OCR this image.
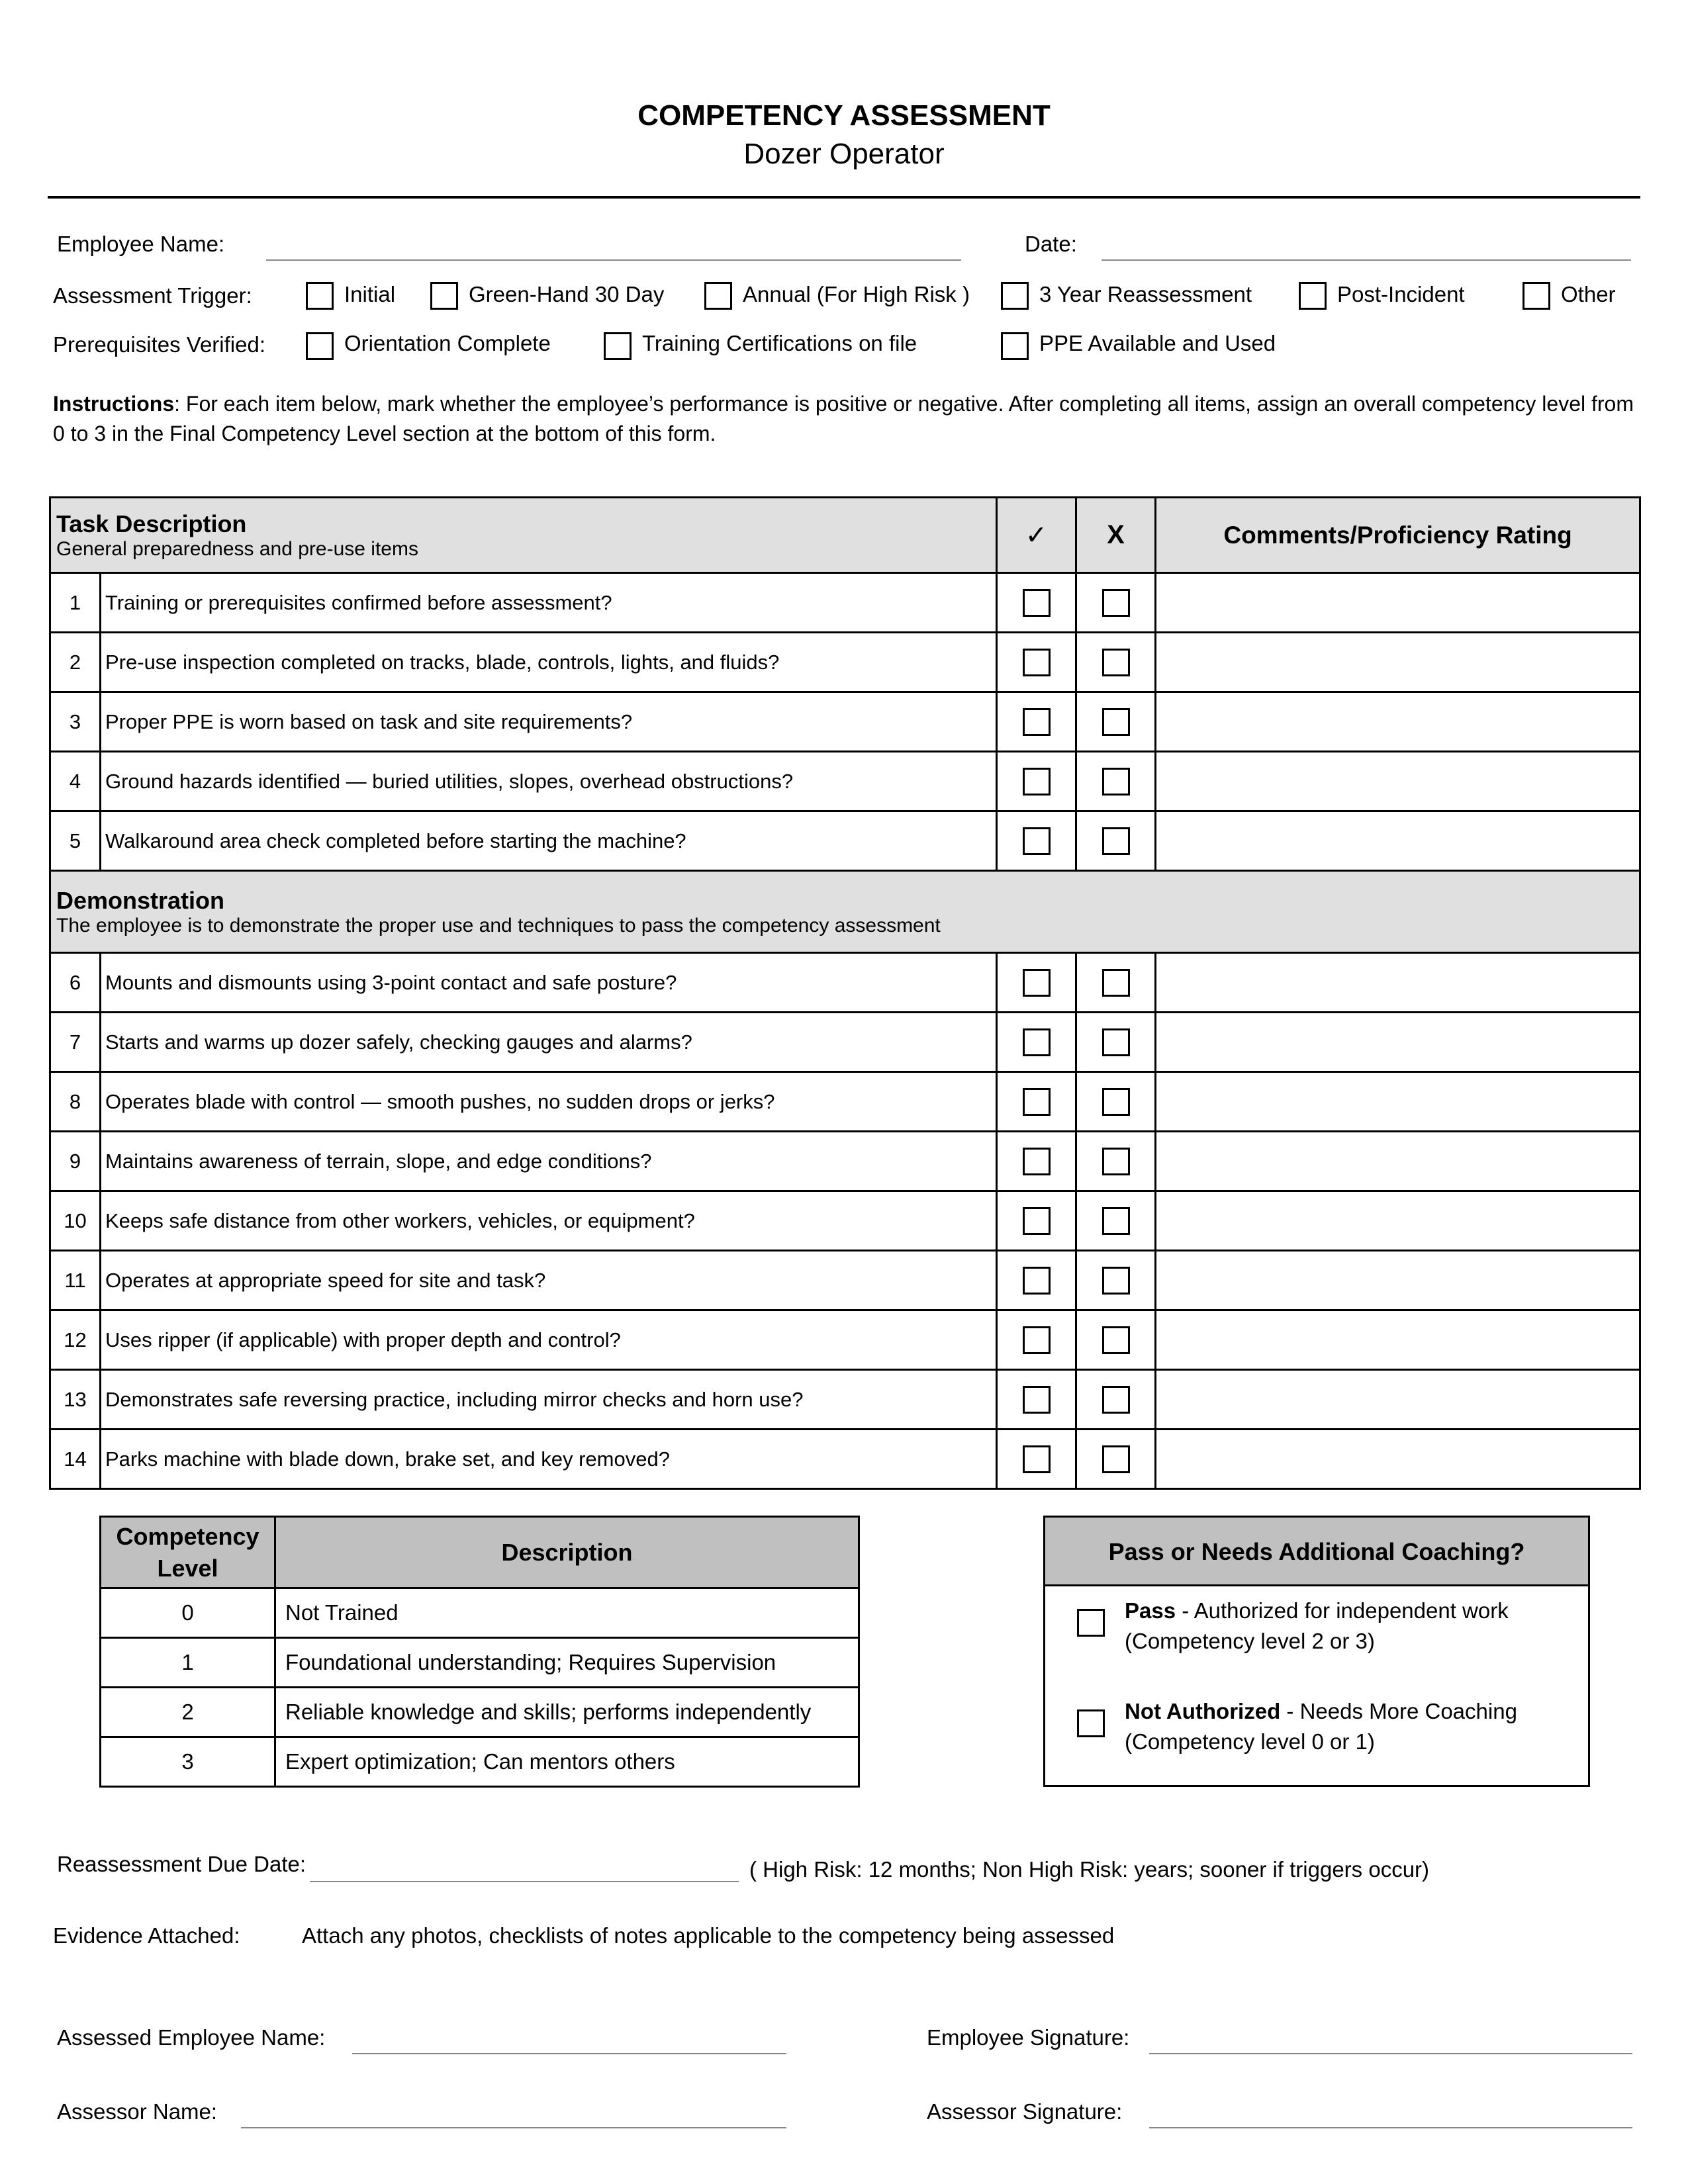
COMPETENCY ASSESSMENT
Dozer Operator
Employee Name:	Date:
Assessment Trigger:	Initial	Green-Hand 30 Day	Annual (For High Risk )	3 Year Reassessment	Post-Incident	Other
Prerequisites Verified:	Orientation Complete	Training Certifications on file	PPE Available and Used
Instructions: For each item below, mark whether the employee’s performance is positive or negative. After completing all items, assign an overall competency level from 0 to 3 in the Final Competency Level section at the bottom of this form.
Task Description
General preparedness and pre-use items		✓	X	Comments/Proficiency Rating
1	Training or prerequisites confirmed before assessment?			
2	Pre-use inspection completed on tracks, blade, controls, lights, and fluids?			
3	Proper PPE is worn based on task and site requirements?			
4	Ground hazards identified — buried utilities, slopes, overhead obstructions?			
5	Walkaround area check completed before starting the machine?			

Demonstration
The employee is to demonstrate the proper use and techniques to pass the competency assessment				

6	Mounts and dismounts using 3-point contact and safe posture?			
7	Starts and warms up dozer safely, checking gauges and alarms?			
8	Operates blade with control — smooth pushes, no sudden drops or jerks?			
9	Maintains awareness of terrain, slope, and edge conditions?			
10	Keeps safe distance from other workers, vehicles, or equipment?			
11	Operates at appropriate speed for site and task?			
12	Uses ripper (if applicable) with proper depth and control?			
13	Demonstrates safe reversing practice, including mirror checks and horn use?			
14	Parks machine with blade down, brake set, and key removed?			
Competency
Level	Description
0	Not Trained
1	Foundational understanding; Requires Supervision
2	Reliable knowledge and skills; performs independently
3	Expert optimization; Can mentors others
Pass or Needs Additional Coaching?
Pass - Authorized for independent work
(Competency level 2 or 3)
Not Authorized - Needs More Coaching
(Competency level 0 or 1)
Reassessment Due Date:	( High Risk: 12 months; Non High Risk: years; sooner if triggers occur)
Evidence Attached:	Attach any photos, checklists of notes applicable to the competency being assessed
Assessed Employee Name:	Employee Signature:
Assessor Name:	Assessor Signature:
